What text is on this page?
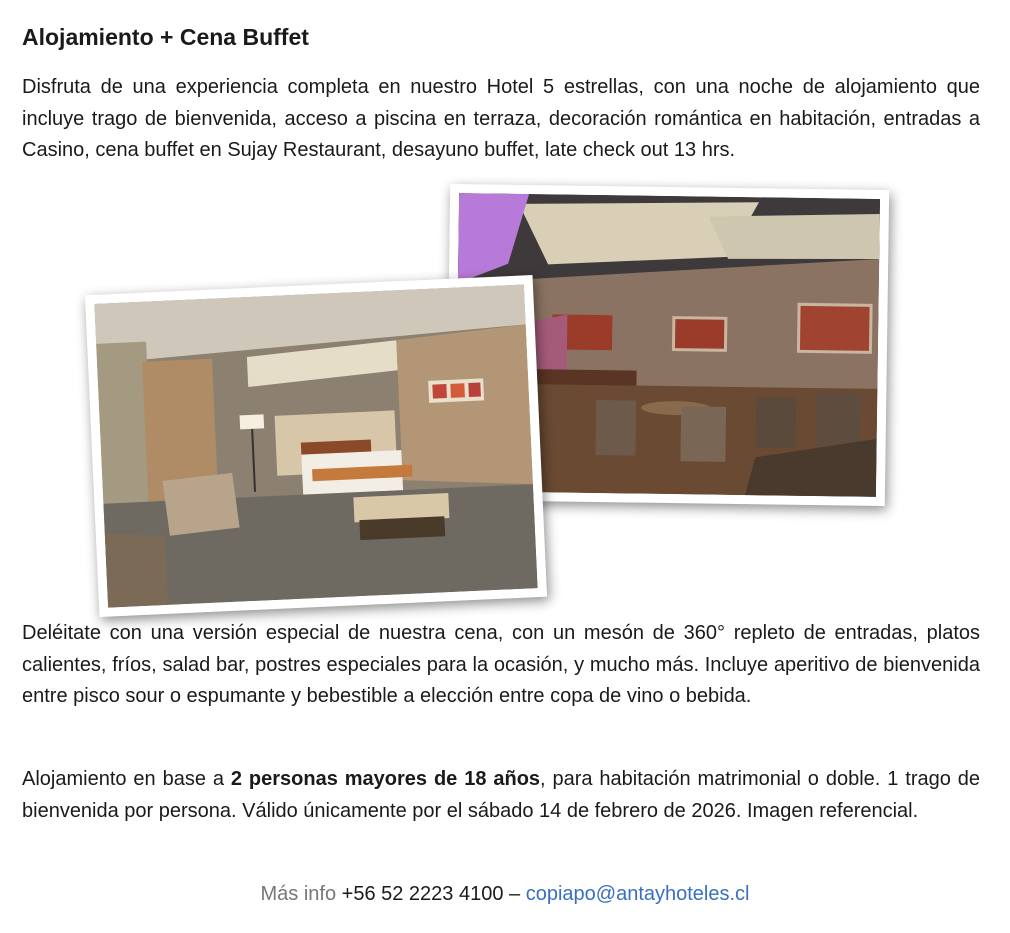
Alojamiento + Cena Buffet

Disfruta de una experiencia completa en nuestro Hotel 5 estrellas, con una noche de alojamiento que incluye trago de bienvenida, acceso a piscina en terraza, decoración romántica en habitación, entradas a Casino, cena buffet en Sujay Restaurant, desayuno buffet, late check out 13 hrs.

Deléitate con una versión especial de nuestra cena, con un mesón de 360° repleto de entradas, platos calientes, fríos, salad bar, postres especiales para la ocasión, y mucho más. Incluye aperitivo de bienvenida entre pisco sour o espumante y bebestible a elección entre copa de vino o bebida.

Alojamiento en base a 2 personas mayores de 18 años, para habitación matrimonial o doble. 1 trago de bienvenida por persona. Válido únicamente por el sábado 14 de febrero de 2026. Imagen referencial.

Más info +56 52 2223 4100 – copiapo@antayhoteles.cl
